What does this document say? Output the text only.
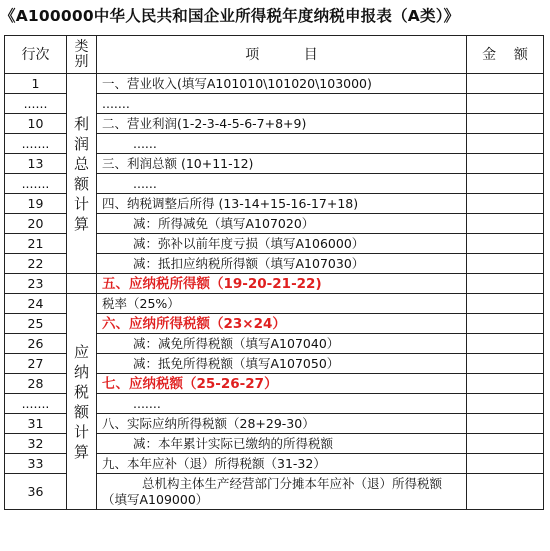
《A100000中华人民共和国企业所得税年度纳税申报表（A类）》
行次	类别	项          目	金    额
1	利润总额计算	一、营业收入(填写A101010\101020\103000)	
......		.......	
10		二、营业利润(1-2-3-4-5-6-7+8+9)	
.......		......	
13		三、利润总额 (10+11-12)	
.......		......	
19		四、纳税调整后所得 (13-14+15-16-17+18)	
20		减：所得减免（填写A107020）	
21		减：弥补以前年度亏损（填写A106000）	
22		减：抵扣应纳税所得额（填写A107030）	
23		五、应纳税所得额（19-20-21-22)	
24	应纳税额计算	税率（25%）	
25		六、应纳所得税额（23×24）	
26		减：减免所得税额（填写A107040）	
27		减：抵免所得税额（填写A107050）	
28		七、应纳税额（25-26-27）	
.......		.......	
31		八、实际应纳所得税额（28+29-30）	
32		减：本年累计实际已缴纳的所得税额	
33		九、本年应补（退）所得税额（31-32）	
36		总机构主体生产经营部门分摊本年应补（退）所得税额（填写A109000）	
